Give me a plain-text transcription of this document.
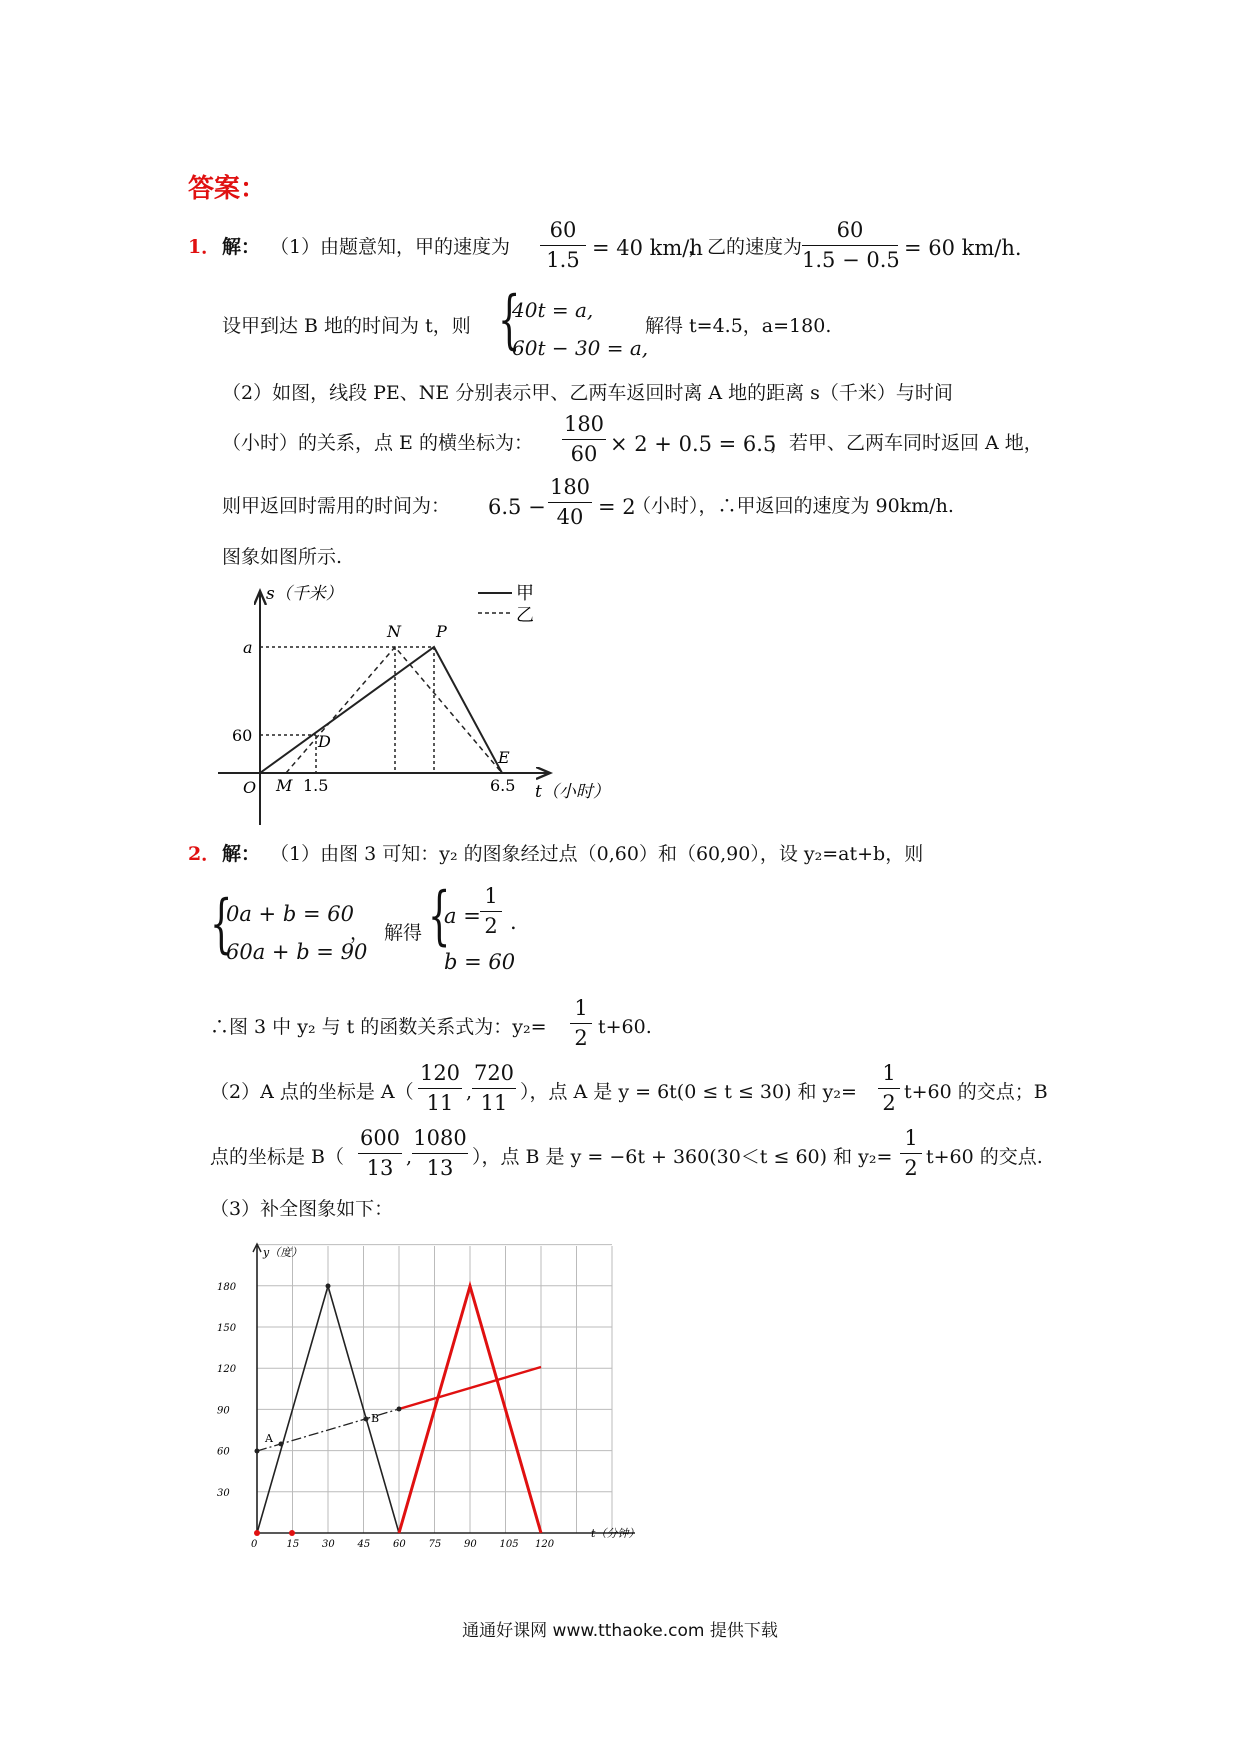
答案：
1． 解： （1） 由题意知，甲的速度为
60
1.5 = 40 km/h
，乙的速度为
60
1.5 − 0.5 = 60 km/h.
设甲到达 B 地的时间为 t，则 {
40t = a,
60t − 30 = a,
解得 t=4.5，a=180.
（2）如图，线段 PE、NE 分别表示甲、乙两车返回时离 A 地的距离 s（千米）与时间
（小时）的关系，点 E 的横坐标为：
180
60 × 2 + 0.5 = 6.5
，若甲、乙两车同时返回 A 地，
则甲返回时需用的时间为： 6.5 −
180
40 = 2
（小时），∴甲返回的速度为 90km/h.
图象如图所示.
甲
乙
s（千米）
t（小时）
a
60
O M 1.5	6.5
N P
D
E
2． 解： （1）由图 3 可知：y₂ 的图象经过点（0,60）和（60,90），设 y₂=at+b，则
{
0a + b = 60
60a + b = 90
， 解得 {
a =
1
2 .
b = 60
∴图 3 中 y₂ 与 t 的函数关系式为：y₂=
1
2 t+60.
（2）A 点的坐标是 A（
120
11 ,
720
11 ），点 A 是 y = 6t(0 ≤ t ≤ 30) 和 y₂=
1
2 t+60 的交点；B
点的坐标是 B（
600
13 ,
1080
13 ），点 B 是 y = −6t + 360(30＜t ≤ 60) 和 y₂=
1
2 t+60 的交点.
（3）补全图象如下：
30
60
90
120
150
180
0	15 30 45 60 75 90 105 120
A
B
y（度）
t（分钟）
通通好课网 www.tthaoke.com 提供下载
